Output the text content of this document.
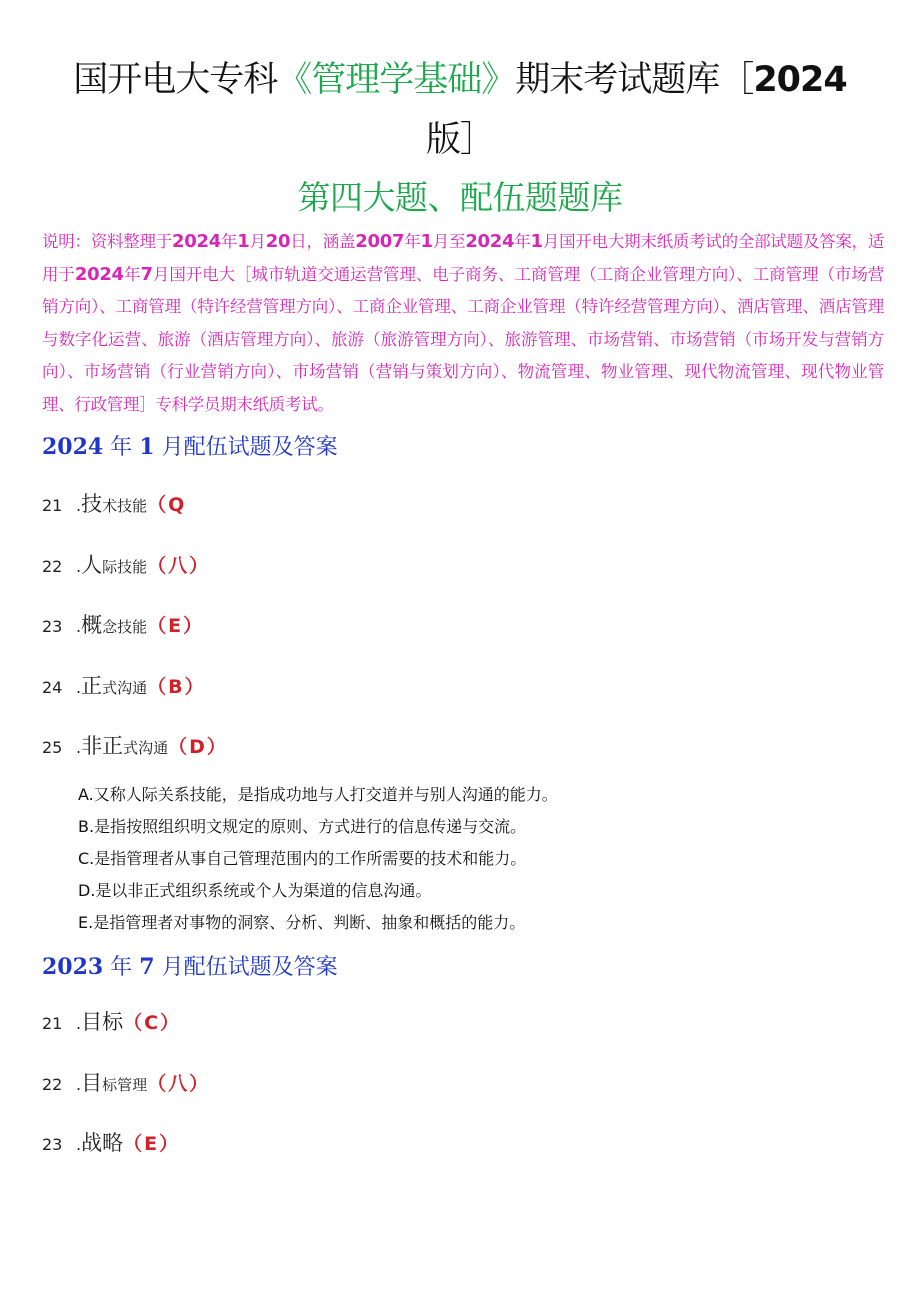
国开电大专科《管理学基础》期末考试题库［2024
版］
第四大题、配伍题题库
说明：资料整理于2024年1月20日，涵盖2007年1月至2024年1月国开电大期末纸质考试的全部试题及答案，适用于2024年7月国开电大［城市轨道交通运营管理、电子商务、工商管理（工商企业管理方向）、工商管理（市场营销方向）、工商管理（特许经营管理方向）、工商企业管理、工商企业管理（特许经营管理方向）、酒店管理、酒店管理与数字化运营、旅游（酒店管理方向）、旅游（旅游管理方向）、旅游管理、市场营销、市场营销（市场开发与营销方向）、市场营销（行业营销方向）、市场营销（营销与策划方向）、物流管理、物业管理、现代物流管理、现代物业管理、行政管理］专科学员期末纸质考试。
2024 年 1 月配伍试题及答案
21 .技术技能（Q
22 .人际技能（八）
23 .概念技能（E）
24 .正式沟通（B）
25 .非正式沟通（D）
A.又称人际关系技能，是指成功地与人打交道并与别人沟通的能力。
B.是指按照组织明文规定的原则、方式进行的信息传递与交流。
C.是指管理者从事自己管理范围内的工作所需要的技术和能力。
D.是以非正式组织系统或个人为渠道的信息沟通。
E.是指管理者对事物的洞察、分析、判断、抽象和概括的能力。
2023 年 7 月配伍试题及答案
21 .目标（C）
22 .目标管理（八）
23 .战略（E）
